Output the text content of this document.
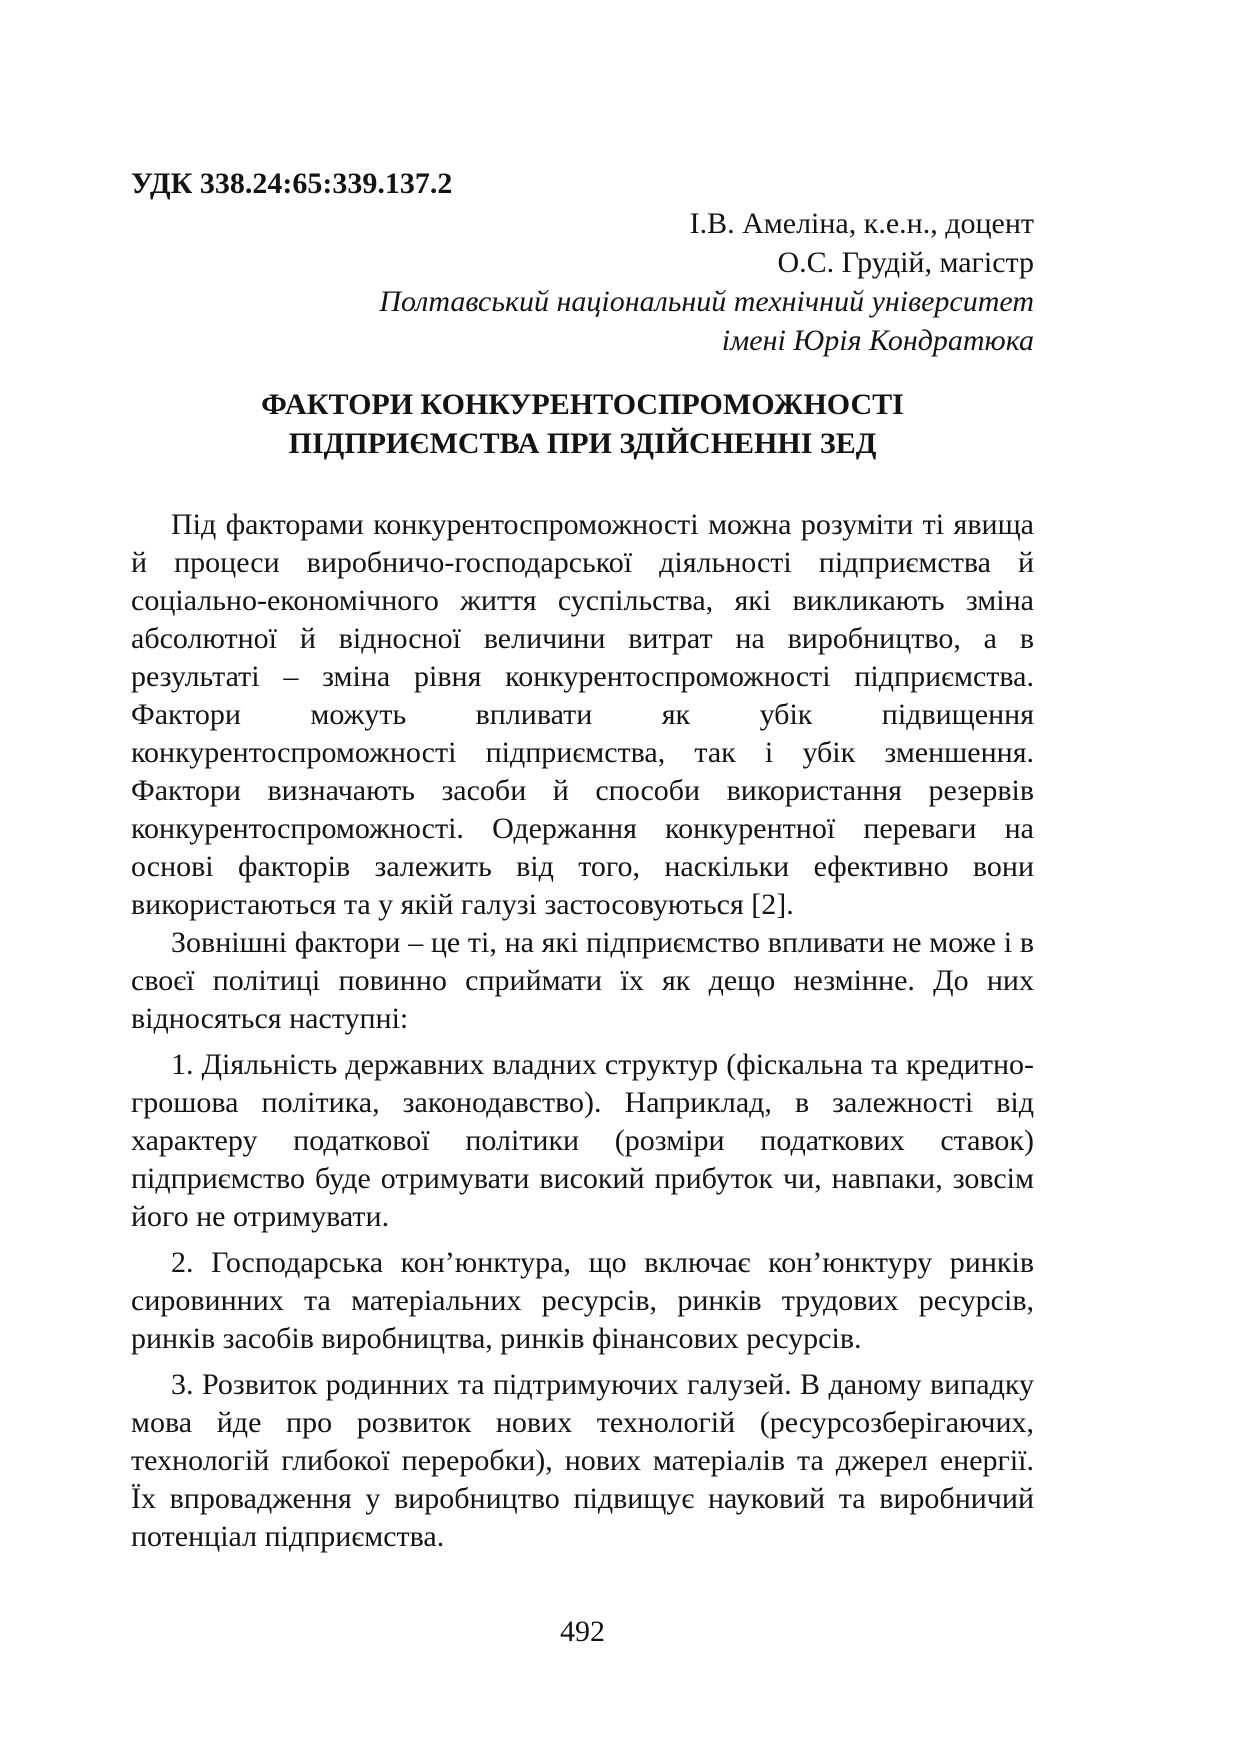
УДК 338.24:65:339.137.2
І.В. Амеліна, к.е.н., доцент
О.С. Грудій, магістр
Полтавський національний технічний університет
імені Юрія Кондратюка
ФАКТОРИ КОНКУРЕНТОСПРОМОЖНОСТІ
ПІДПРИЄМСТВА ПРИ ЗДІЙСНЕННІ ЗЕД

Під факторами конкурентоспроможності можна розуміти ті явища й процеси виробничо-господарської діяльності підприємства й соціально-економічного життя суспільства, які викликають зміна абсолютної й відносної величини витрат на виробництво, а в результаті – зміна рівня конкурентоспроможності підприємства. Фактори можуть впливати як убік підвищення конкурентоспроможності підприємства, так і убік зменшення. Фактори визначають засоби й способи використання резервів конкурентоспроможності. Одержання конкурентної переваги на основі факторів залежить від того, наскільки ефективно вони використаються та у якій галузі застосовуються [2].

Зовнішні фактори – це ті, на які підприємство впливати не може і в своєї політиці повинно сприймати їх як дещо незмінне. До них відносяться наступні:

1. Діяльність державних владних структур (фіскальна та кредитно-грошова політика, законодавство). Наприклад, в залежності від характеру податкової політики (розміри податкових ставок) підприємство буде отримувати високий прибуток чи, навпаки, зовсім його не отримувати.

2. Господарська кон’юнктура, що включає кон’юнктуру ринків сировинних та матеріальних ресурсів, ринків трудових ресурсів, ринків засобів виробництва, ринків фінансових ресурсів.

3. Розвиток родинних та підтримуючих галузей. В даному випадку мова йде про розвиток нових технологій (ресурсозберігаючих, технологій глибокої переробки), нових матеріалів та джерел енергії. Їх впровадження у виробництво підвищує науковий та виробничий потенціал підприємства.

492
